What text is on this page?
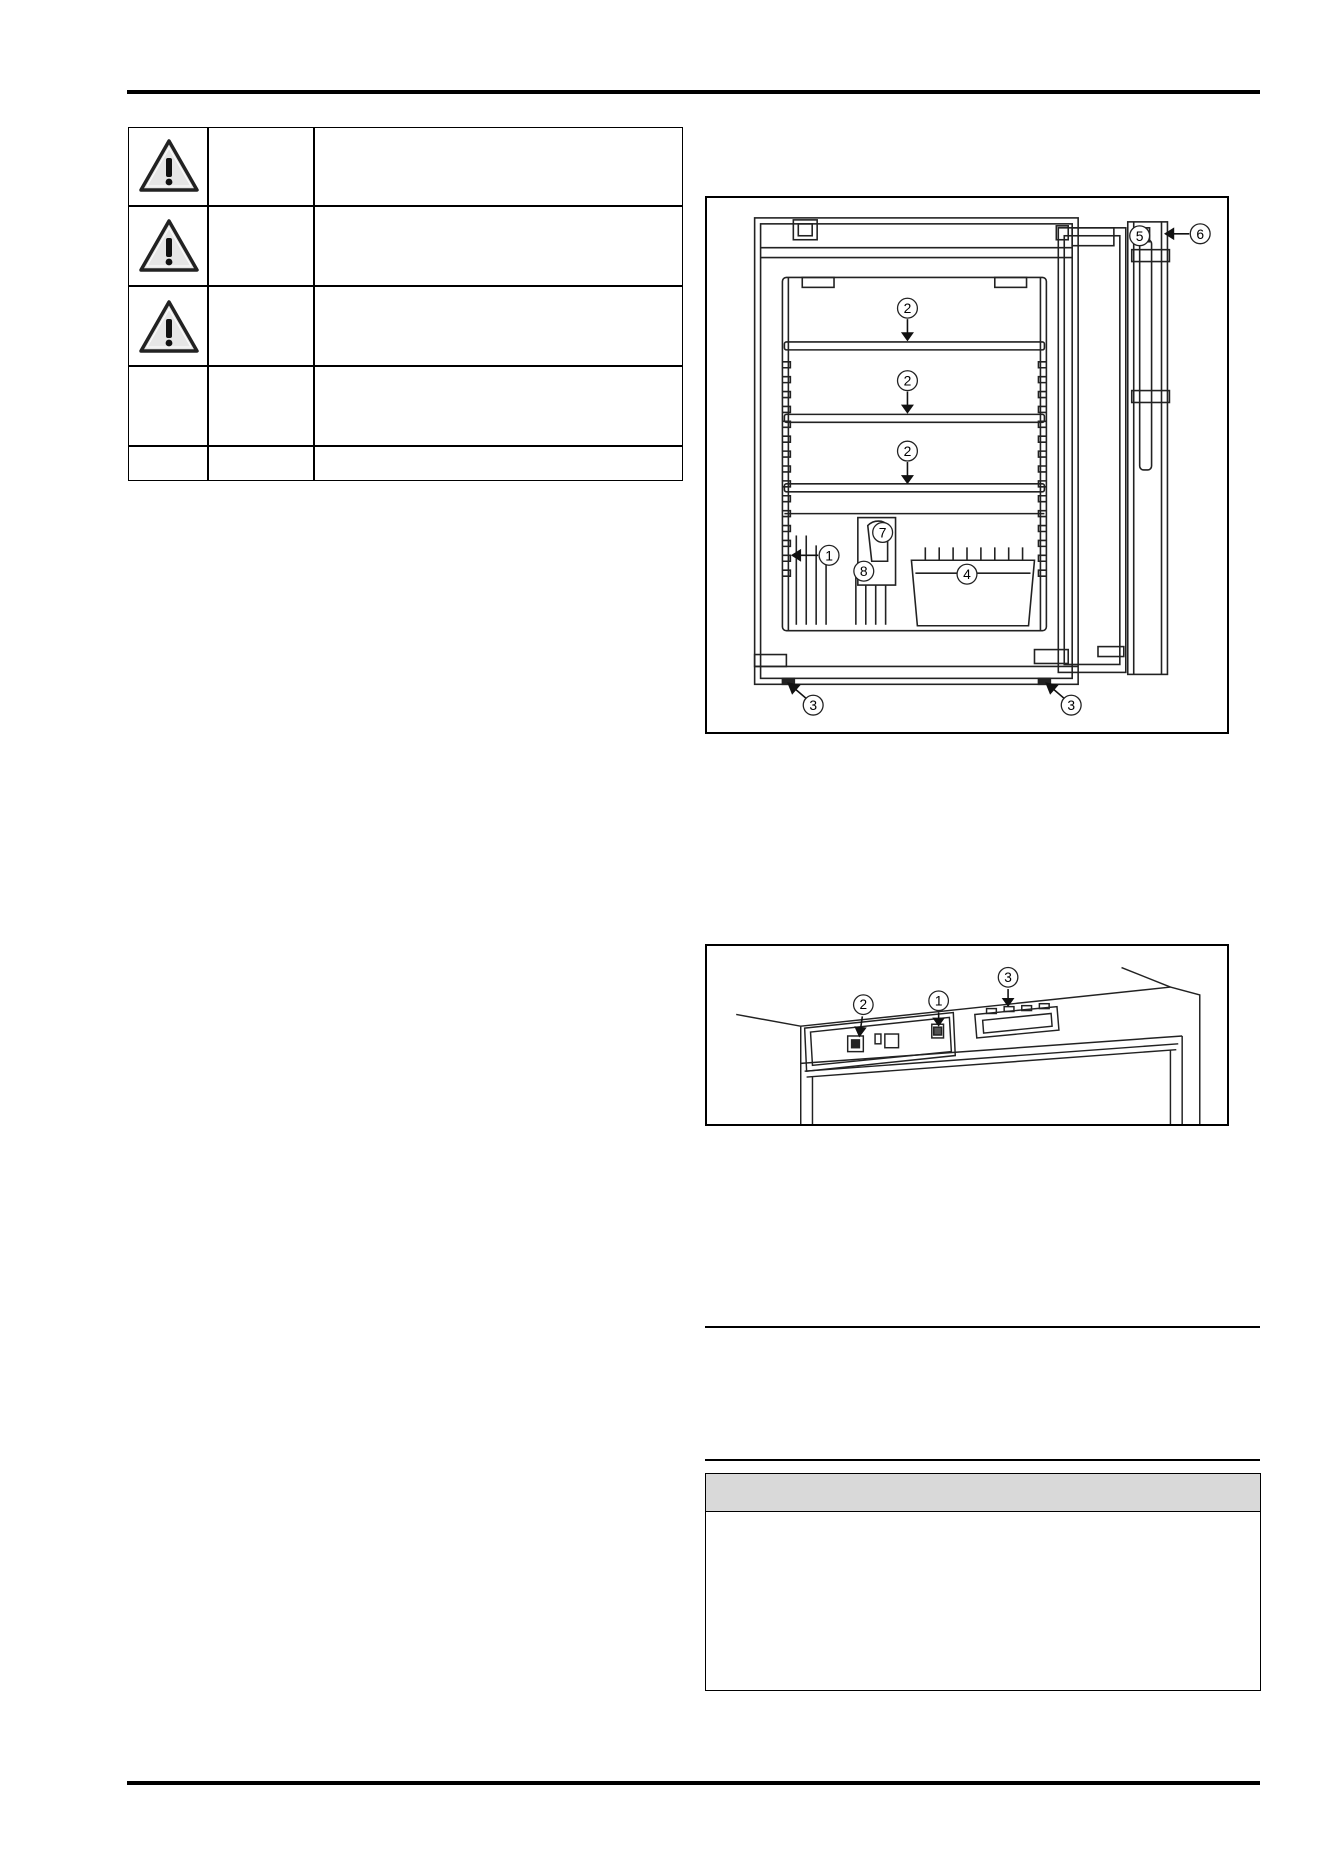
2
2
2
1
3	3
4
5	6
7
8
2	1
3
